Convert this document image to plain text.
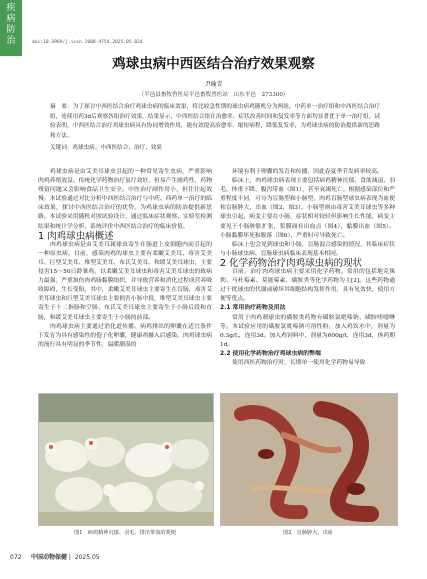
疾
病
防
治	doi:10.3969/j.issn.1008-4754.2025.05.024
鸡球虫病中西医结合治疗效果观察
尹瑜青
（平邑县畜牧兽医局平邑畜牧兽医站　山东平邑　273300）
摘　要：为了探讨中西医结合治疗鸡球虫病的临床效果，将比较急性期的球虫病鸡随机分为两组，中药单一治疗组和中西医结合治疗组，连续用药3d后观察各组治疗效果。结果显示，中西医结合组在治愈率、症状改善时间和复发率等方面均显著优于单一治疗组。试验表明，中西医结合治疗鸡球虫病具有协同增效作用，能有效提高治愈率、缩短病程，降低复发率，为鸡球虫病的防治提供新的思路和方法。
关键词：鸡球虫病；中西医结合；治疗；效果

鸡球虫病是由艾美耳球虫引起的一种常见寄生虫病，严重影响肉鸡养殖效益。传统化学药物治疗虽疗效好，但易产生耐药性，药物残留问题又会影响食品卫生安全。中医治疗副作用小，但往往起效慢。本试验通过对比分析中西医结合治疗与中药、西药单一治疗的临床效果，探讨中西医结合治疗的优势，为鸡球虫病的防治提供新思路。本试验采用随机对照试验设计，通过临床症状观察、实验室检测结果和统计学分析，系统评价中西医结合治疗的临床价值。

1 肉鸡球虫病概述

肉鸡球虫病是由艾美耳属球虫寄生在肠道上皮细胞内而引起的一种原虫病，目前，感染肉鸡的球虫主要有柔嫩艾美耳、毒害艾美耳、巨型艾美耳、堆型艾美耳、布氏艾美耳、和缓艾美耳球虫，主要侵害15～50日龄雏鸡。以柔嫩艾美耳球虫和毒害艾美耳球虫的致病力最强，严重损伤肉鸡肠黏膜组织，并导致营养和消化过程成营养吸收障碍，生长受阻，其中，柔嫩艾美耳球虫主要寄生在盲肠，毒害艾美耳球虫和巨型艾美耳球虫主要损害小肠中段，堆型艾美耳球虫主要寄生于十二指肠和空肠，布氏艾美耳球虫主要寄生于小肠后段和直肠，和缓艾美耳球虫主要寄生于小肠的前部。

肉鸡球虫病主要通过消化道传播。病鸡排出的卵囊在适宜条件下发育为具有感染性的孢子化卵囊，健康鸡摄入后感染。肉鸡球虫病的流行具有明显的季节性，温暖潮湿的

环境有利于卵囊的发育和传播，因此春夏季节发病率较高。

临床上，肉鸡球虫病表现主要包括病鸡精神沉郁、食欲减退、羽毛、体重下降、腹泻带血（图1），甚至衰竭死亡。根据感染部位和严重程度不同，可分为盲肠型和小肠型。肉鸡盲肠型球虫病表现为血便和盲肠肿大、出血（图2、图3）。小肠型则由毒害艾美耳球虫等多种球虫引起，病变主要在小肠，症状相对较轻但影响生长性能，病变主要见于小肠肿胀扩张，浆膜面有出血点（图4），黏膜出血（图5）。小肠黏膜坏死和脱落（图6），严重时可导致死亡。

临床上也会见到球虫和小肠，盲肠混合感染的情况，其临床症状与小肠球虫病、盲肠球虫病临床表现基本相同。

2 化学药物治疗肉鸡球虫病的现状

目前，治疗肉鸡球虫病主要采用化学药物。常用的包括地克珠利、马杜霉素、莫能霉素、磺胺类等化学药物为主[2]。这些药物通过干扰球虫的代谢或破坏其细胞结构发挥作用，具有见效快、使用方便等优点。

2.1 常用治疗药物及用法

常用于肉鸡刺球虫的磺胺类药物有磺胺氯吡嗪钠、磺胺喹噁啉等。本试验应用的磺胺氯吡嗪钠可溶性粉，加入鸡饮水中，剂量为0.3g/L，连用3d。加入鸡饲料中，剂量为600g/t，连用3d，休药期1d。

2.2 使用化学药物治疗鸡球虫病的弊端

使用西医药物治疗时，长期单一使用化学药物易导致

图1　病鸡精神沉郁、羽毛、排出带血的粪便	图2　盲肠肿大、出血
072 中国动物保健 |  2025.05
